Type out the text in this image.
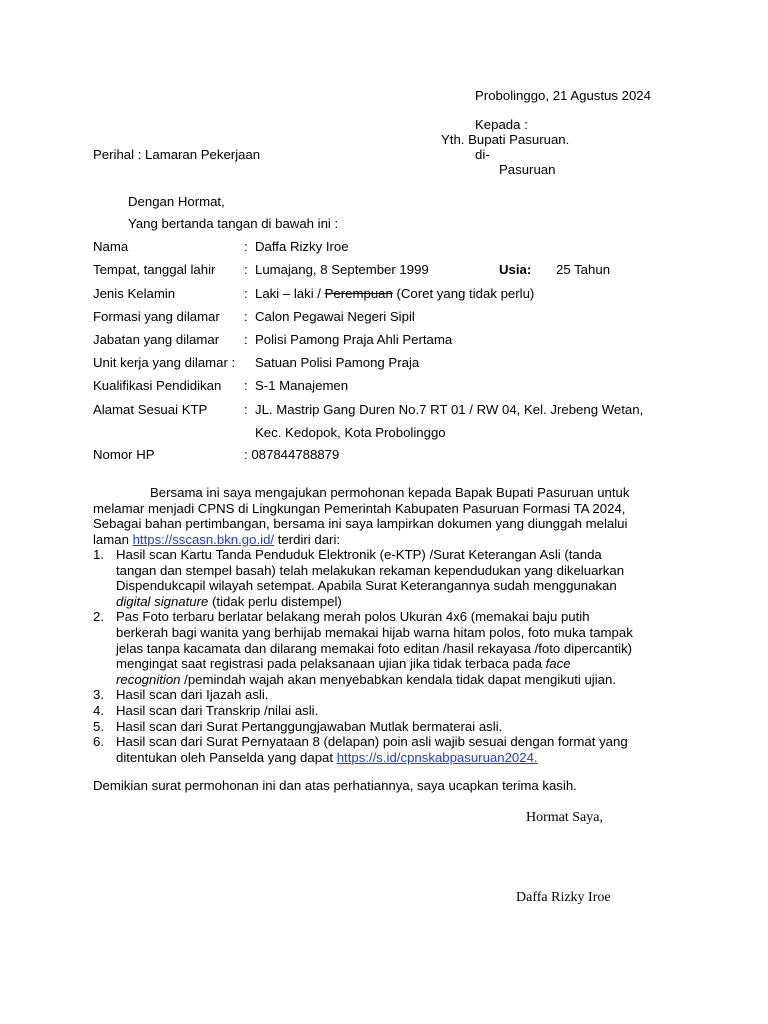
Probolinggo, 21 Agustus 2024
Kepada :
Yth. Bupati Pasuruan.
di-
Pasuruan
Perihal : Lamaran Pekerjaan
Dengan Hormat,
Yang bertanda tangan di bawah ini :
Nama	: Daffa Rizky Iroe
Tempat, tanggal lahir : Lumajang, 8 September 1999	Usia: 25 Tahun
Jenis Kelamin	: Laki – laki / Perempuan (Coret yang tidak perlu)
Formasi yang dilamar : Calon Pegawai Negeri Sipil
Jabatan yang dilamar : Polisi Pamong Praja Ahli Pertama
Unit kerja yang dilamar : Satuan Polisi Pamong Praja
Kualifikasi Pendidikan : S-1 Manajemen
Alamat Sesuai KTP	: JL. Mastrip Gang Duren No.7 RT 01 / RW 04, Kel. Jrebeng Wetan,
Kec. Kedopok, Kota Probolinggo
Nomor HP	: 087844788879
Bersama ini saya mengajukan permohonan kepada Bapak Bupati Pasuruan untuk
melamar menjadi CPNS di Lingkungan Pemerintah Kabupaten Pasuruan Formasi TA 2024,
Sebagai bahan pertimbangan, bersama ini saya lampirkan dokumen yang diunggah melalui
laman https://sscasn.bkn.go.id/ terdiri dari:
1. Hasil scan Kartu Tanda Penduduk Elektronik (e-KTP) /Surat Keterangan Asli (tanda
tangan dan stempel basah) telah melakukan rekaman kependudukan yang dikeluarkan
Dispendukcapil wilayah setempat. Apabila Surat Keterangannya sudah menggunakan
digital signature (tidak perlu distempel)
2. Pas Foto terbaru berlatar belakang merah polos Ukuran 4x6 (memakai baju putih
berkerah bagi wanita yang berhijab memakai hijab warna hitam polos, foto muka tampak
jelas tanpa kacamata dan dilarang memakai foto editan /hasil rekayasa /foto dipercantik)
mengingat saat registrasi pada pelaksanaan ujian jika tidak terbaca pada face
recognition /pemindah wajah akan menyebabkan kendala tidak dapat mengikuti ujian.
3. Hasil scan dari Ijazah asli.
4. Hasil scan dari Transkrip /nilai asli.
5. Hasil scan dari Surat Pertanggungjawaban Mutlak bermaterai asli.
6. Hasil scan dari Surat Pernyataan 8 (delapan) poin asli wajib sesuai dengan format yang
ditentukan oleh Panselda yang dapat https://s.id/cpnskabpasuruan2024.
Demikian surat permohonan ini dan atas perhatiannya, saya ucapkan terima kasih.
Hormat Saya,
Daffa Rizky Iroe
